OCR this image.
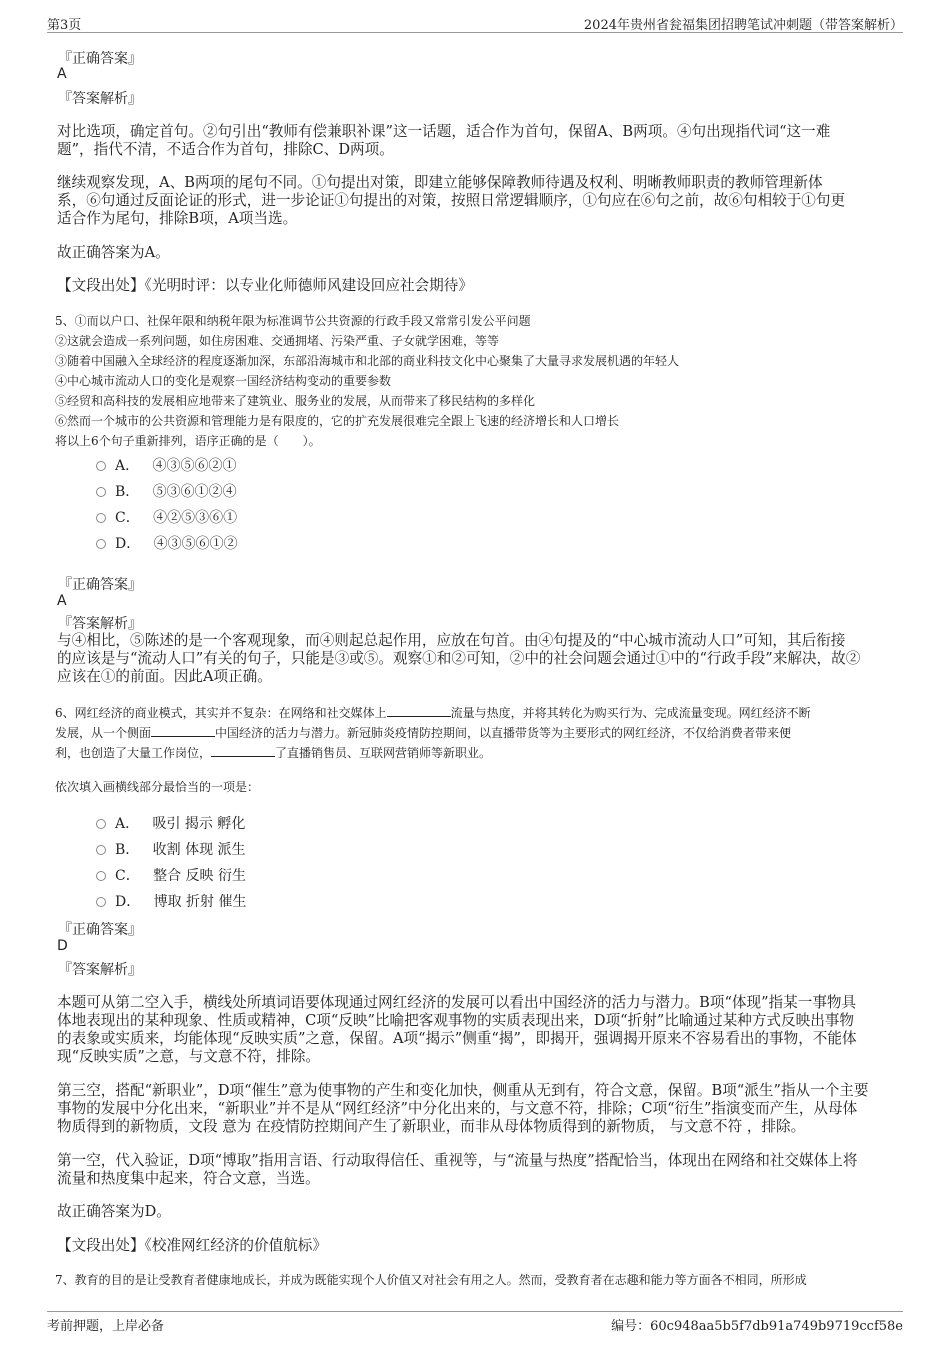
第3页	2024年贵州省瓮福集团招聘笔试冲刺题（带答案解析）
『正确答案』
A
『答案解析』
对比选项，确定首句。②句引出“教师有偿兼职补课”这一话题，适合作为首句，保留A、B两项。④句出现指代词“这一难
题”，指代不清，不适合作为首句，排除C、D两项。
继续观察发现，A、B两项的尾句不同。①句提出对策，即建立能够保障教师待遇及权利、明晰教师职责的教师管理新体
系，⑥句通过反面论证的形式，进一步论证①句提出的对策，按照日常逻辑顺序，①句应在⑥句之前，故⑥句相较于①句更
适合作为尾句，排除B项，A项当选。
故正确答案为A。
【文段出处】《光明时评：以专业化师德师风建设回应社会期待》
5、①而以户口、社保年限和纳税年限为标准调节公共资源的行政手段又常常引发公平问题
②这就会造成一系列问题，如住房困难、交通拥堵、污染严重、子女就学困难，等等
③随着中国融入全球经济的程度逐渐加深，东部沿海城市和北部的商业科技文化中心聚集了大量寻求发展机遇的年轻人
④中心城市流动人口的变化是观察一国经济结构变动的重要参数
⑤经贸和高科技的发展相应地带来了建筑业、服务业的发展，从而带来了移民结构的多样化
⑥然而一个城市的公共资源和管理能力是有限度的，它的扩充发展很难完全跟上飞速的经济增长和人口增长
将以上6个句子重新排列，语序正确的是（　　）。
A． ④③⑤⑥②①
B． ⑤③⑥①②④
C． ④②⑤③⑥①
D． ④③⑤⑥①②
『正确答案』
A
『答案解析』
与④相比，⑤陈述的是一个客观现象，而④则起总起作用，应放在句首。由④句提及的“中心城市流动人口”可知，其后衔接
的应该是与“流动人口”有关的句子，只能是③或⑤。观察①和②可知，②中的社会问题会通过①中的“行政手段”来解决，故②
应该在①的前面。因此A项正确。
6、网红经济的商业模式，其实并不复杂：在网络和社交媒体上	流量与热度，并将其转化为购买行为、完成流量变现。网红经济不断
发展，从一个侧面	中国经济的活力与潜力。新冠肺炎疫情防控期间，以直播带货等为主要形式的网红经济，不仅给消费者带来便
利，也创造了大量工作岗位，	了直播销售员、互联网营销师等新职业。
依次填入画横线部分最恰当的一项是：
A． 吸引 揭示 孵化
B． 收割 体现 派生
C． 整合 反映 衍生
D． 博取 折射 催生
『正确答案』
D
『答案解析』
本题可从第二空入手，横线处所填词语要体现通过网红经济的发展可以看出中国经济的活力与潜力。B项“体现”指某一事物具
体地表现出的某种现象、性质或精神，C项“反映”比喻把客观事物的实质表现出来，D项“折射”比喻通过某种方式反映出事物
的表象或实质来，均能体现“反映实质”之意，保留。A项“揭示”侧重“揭”，即揭开，强调揭开原来不容易看出的事物，不能体
现“反映实质”之意，与文意不符，排除。
第三空，搭配“新职业”，D项“催生”意为使事物的产生和变化加快，侧重从无到有，符合文意，保留。B项“派生”指从一个主要
事物的发展中分化出来，“新职业”并不是从“网红经济”中分化出来的，与文意不符，排除；C项“衍生”指演变而产生，从母体
物质得到的新物质，文段 意为 在疫情防控期间产生了新职业，而非从母体物质得到的新物质， 与文意不符 ，排除。
第一空，代入验证，D项“博取”指用言语、行动取得信任、重视等，与“流量与热度”搭配恰当，体现出在网络和社交媒体上将
流量和热度集中起来，符合文意，当选。
故正确答案为D。
【文段出处】《校准网红经济的价值航标》
7、教育的目的是让受教育者健康地成长，并成为既能实现个人价值又对社会有用之人。然而，受教育者在志趣和能力等方面各不相同，所形成
考前押题，上岸必备	编号：60c948aa5b5f7db91a749b9719ccf58e
